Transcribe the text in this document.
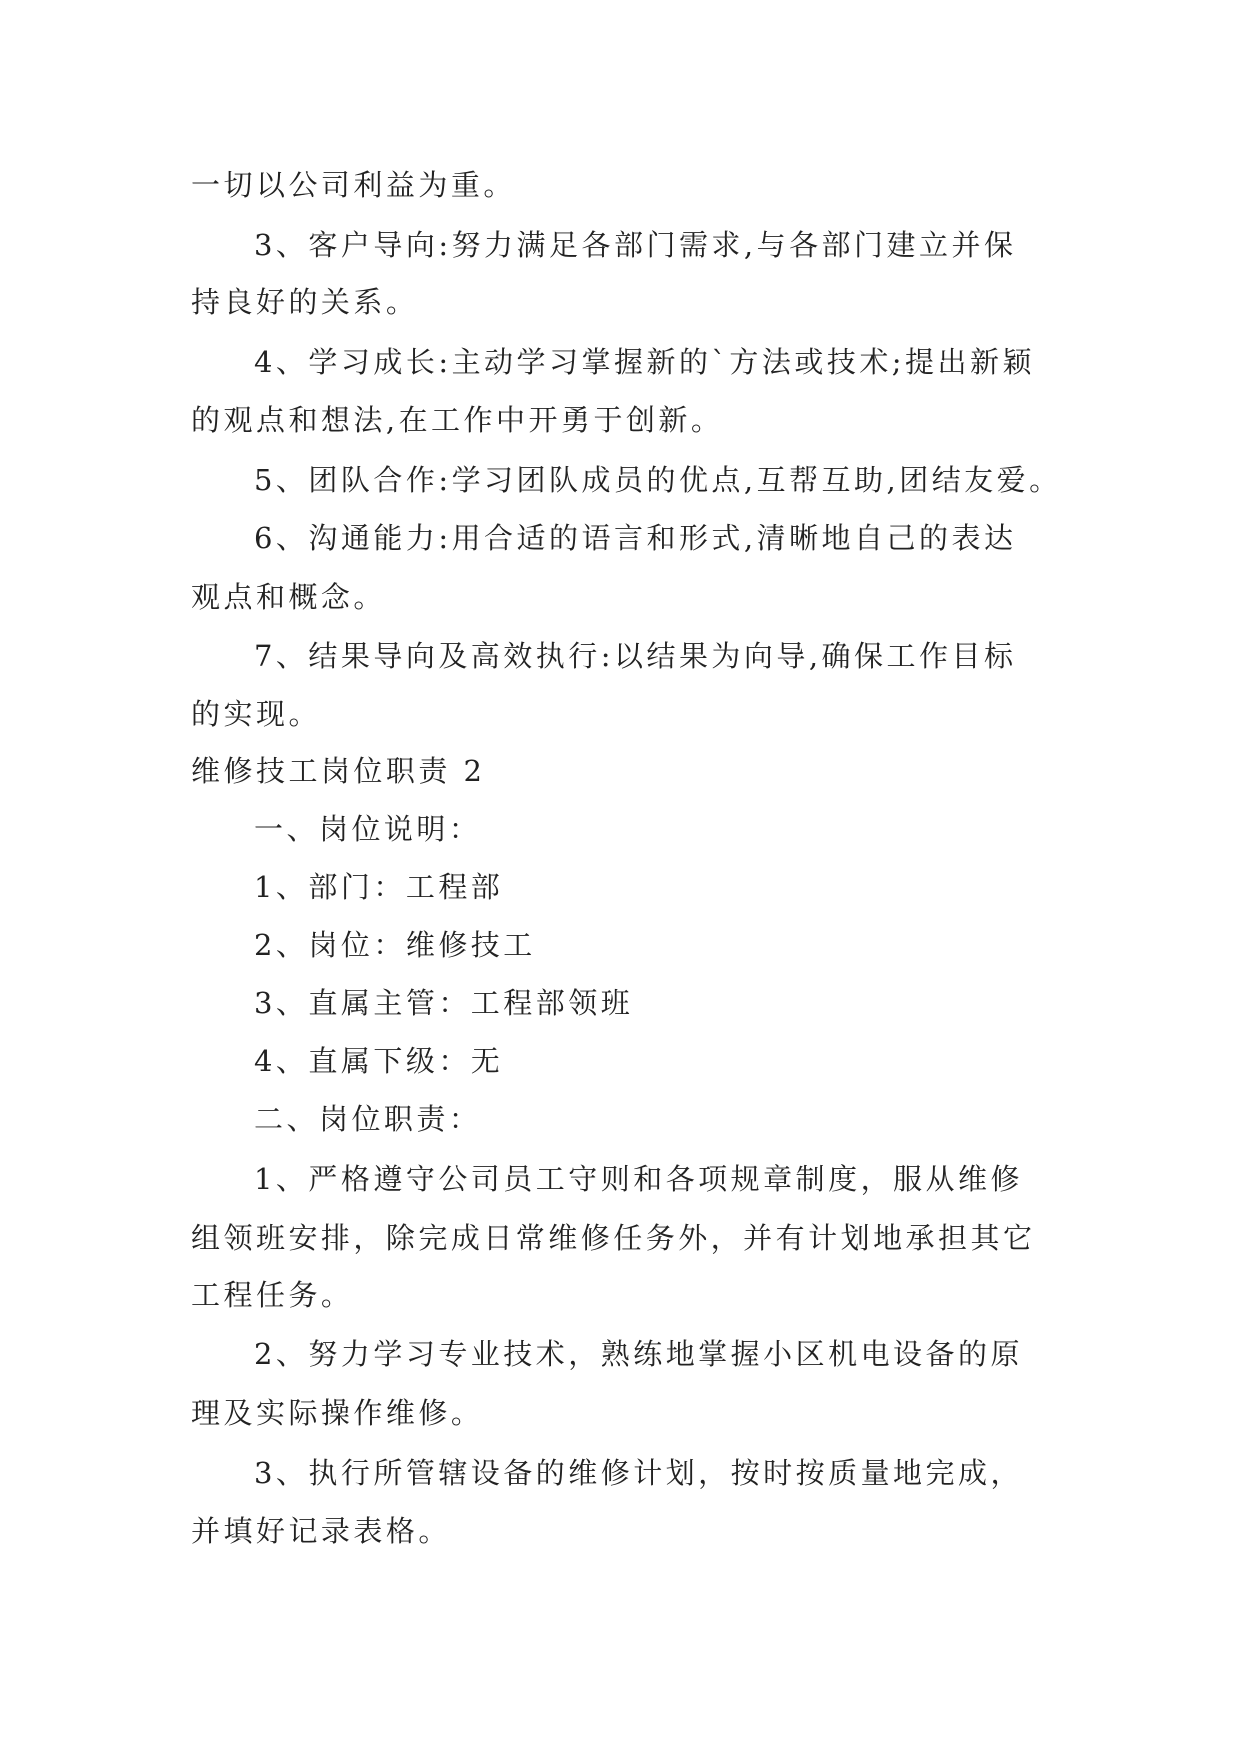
一切以公司利益为重。
3、客户导向:努力满足各部门需求,与各部门建立并保
持良好的关系。
4、学习成长:主动学习掌握新的`方法或技术;提出新颖
的观点和想法,在工作中开勇于创新。
5、团队合作:学习团队成员的优点,互帮互助,团结友爱。
6、沟通能力:用合适的语言和形式,清晰地自己的表达
观点和概念。
7、结果导向及高效执行:以结果为向导,确保工作目标
的实现。
维修技工岗位职责 2
一、岗位说明：
1、部门：工程部
2、岗位：维修技工
3、直属主管：工程部领班
4、直属下级：无
二、岗位职责：
1、严格遵守公司员工守则和各项规章制度，服从维修
组领班安排，除完成日常维修任务外，并有计划地承担其它
工程任务。
2、努力学习专业技术，熟练地掌握小区机电设备的原
理及实际操作维修。
3、执行所管辖设备的维修计划，按时按质量地完成，
并填好记录表格。
